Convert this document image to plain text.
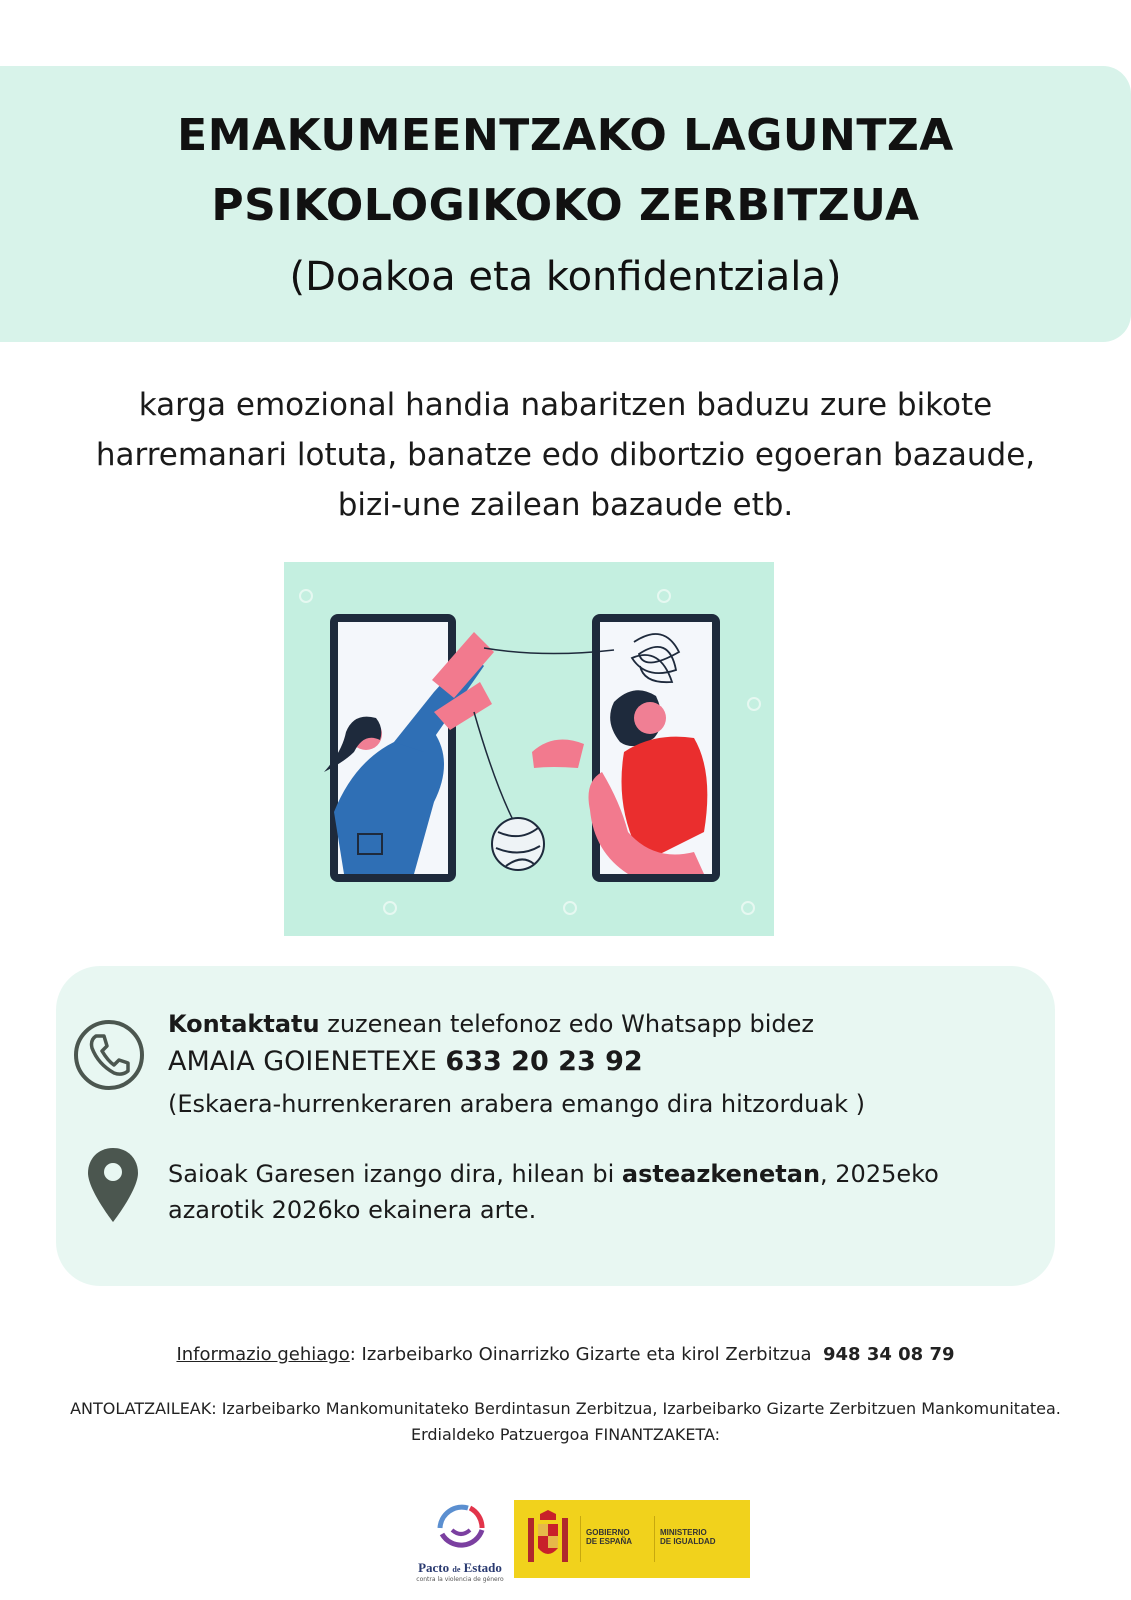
EMAKUMEENTZAKO LAGUNTZA
PSIKOLOGIKOKO ZERBITZUA
(Doakoa eta konfidentziala)
karga emozional handia nabaritzen baduzu zure bikote
harremanari lotuta, banatze edo dibortzio egoeran bazaude,
bizi-une zailean bazaude etb.
Kontaktatu zuzenean telefonoz edo Whatsapp bidez
AMAIA GOIENETEXE 633 20 23 92
(Eskaera-hurrenkeraren arabera emango dira hitzorduak )
Saioak Garesen izango dira, hilean bi asteazkenetan, 2025eko
azarotik 2026ko ekainera arte.
Informazio gehiago: Izarbeibarko Oinarrizko Gizarte eta kirol Zerbitzua 948 34 08 79
ANTOLATZAILEAK: Izarbeibarko Mankomunitateko Berdintasun Zerbitzua, Izarbeibarko Gizarte Zerbitzuen Mankomunitatea.
Erdialdeko Patzuergoa FINANTZAKETA:
Pacto de Estado
contra la violencia de género
GOBIERNO
DE ESPAÑA
MINISTERIO
DE IGUALDAD
